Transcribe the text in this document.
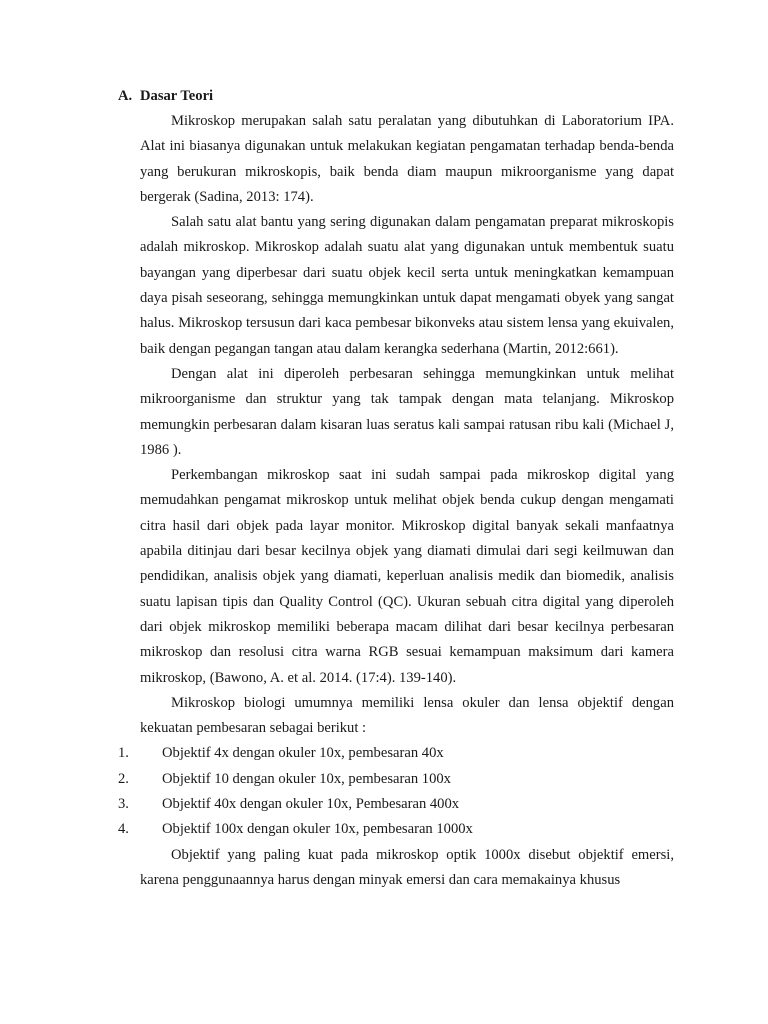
A. Dasar Teori

Mikroskop merupakan salah satu peralatan yang dibutuhkan di Laboratorium IPA. Alat ini biasanya digunakan untuk melakukan kegiatan pengamatan terhadap benda-benda yang berukuran mikroskopis, baik benda diam maupun mikroorganisme yang dapat bergerak (Sadina, 2013: 174).

Salah satu alat bantu yang sering digunakan dalam pengamatan preparat mikroskopis adalah mikroskop. Mikroskop adalah suatu alat yang digunakan untuk membentuk suatu bayangan yang diperbesar dari suatu objek kecil serta untuk meningkatkan kemampuan daya pisah seseorang, sehingga memungkinkan untuk dapat mengamati obyek yang sangat halus. Mikroskop tersusun dari kaca pembesar bikonveks atau sistem lensa yang ekuivalen, baik dengan pegangan tangan atau dalam kerangka sederhana (Martin, 2012:661).

Dengan alat ini diperoleh perbesaran sehingga memungkinkan untuk melihat mikroorganisme dan struktur yang tak tampak dengan mata telanjang. Mikroskop memungkin perbesaran dalam kisaran luas seratus kali sampai ratusan ribu kali (Michael J, 1986 ).

Perkembangan mikroskop saat ini sudah sampai pada mikroskop digital yang memudahkan pengamat mikroskop untuk melihat objek benda cukup dengan mengamati citra hasil dari objek pada layar monitor. Mikroskop digital banyak sekali manfaatnya apabila ditinjau dari besar kecilnya objek yang diamati dimulai dari segi keilmuwan dan pendidikan, analisis objek yang diamati, keperluan analisis medik dan biomedik, analisis suatu lapisan tipis dan Quality Control (QC). Ukuran sebuah citra digital yang diperoleh dari objek mikroskop memiliki beberapa macam dilihat dari besar kecilnya perbesaran mikroskop dan resolusi citra warna RGB sesuai kemampuan maksimum dari kamera mikroskop, (Bawono, A. et al. 2014. (17:4). 139-140).

Mikroskop biologi umumnya memiliki lensa okuler dan lensa objektif dengan kekuatan pembesaran sebagai berikut :

1.	Objektif 4x dengan okuler 10x, pembesaran 40x
2.	Objektif 10 dengan okuler 10x, pembesaran 100x
3.	Objektif 40x dengan okuler 10x, Pembesaran 400x
4.	Objektif 100x dengan okuler 10x, pembesaran 1000x

Objektif yang paling kuat pada mikroskop optik 1000x disebut objektif emersi, karena penggunaannya harus dengan minyak emersi dan cara memakainya khusus
